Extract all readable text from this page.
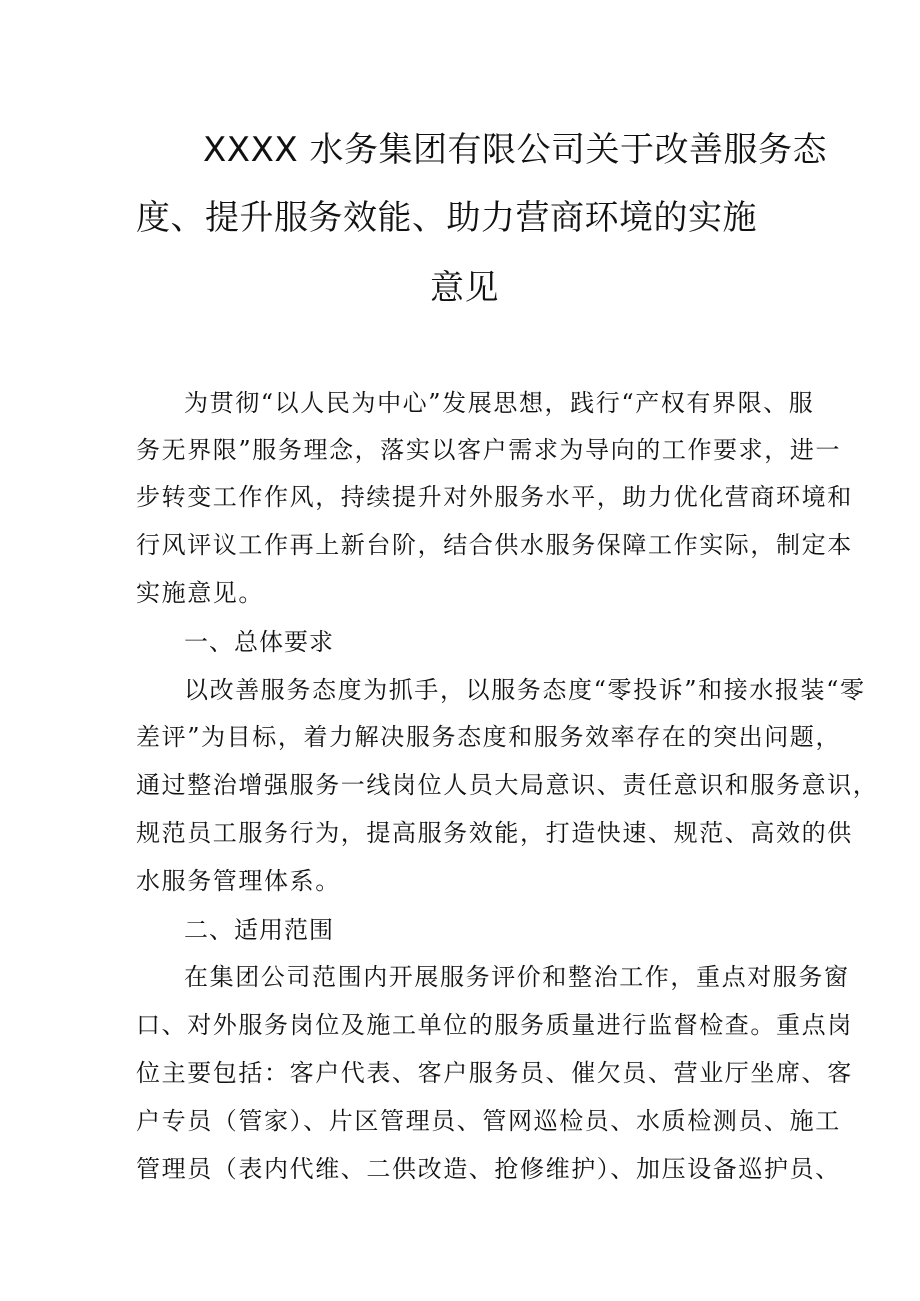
XXXX 水务集团有限公司关于改善服务态
度、提升服务效能、助力营商环境的实施
意见
为贯彻“以人民为中心”发展思想，践行“产权有界限、服
务无界限”服务理念，落实以客户需求为导向的工作要求，进一
步转变工作作风，持续提升对外服务水平，助力优化营商环境和
行风评议工作再上新台阶，结合供水服务保障工作实际，制定本
实施意见。
一、总体要求
以改善服务态度为抓手，以服务态度“零投诉”和接水报装“零
差评”为目标，着力解决服务态度和服务效率存在的突出问题，
通过整治增强服务一线岗位人员大局意识、责任意识和服务意识，
规范员工服务行为，提高服务效能，打造快速、规范、高效的供
水服务管理体系。
二、适用范围
在集团公司范围内开展服务评价和整治工作，重点对服务窗
口、对外服务岗位及施工单位的服务质量进行监督检查。重点岗
位主要包括：客户代表、客户服务员、催欠员、营业厅坐席、客
户专员（管家）、片区管理员、管网巡检员、水质检测员、施工
管理员（表内代维、二供改造、抢修维护）、加压设备巡护员、
